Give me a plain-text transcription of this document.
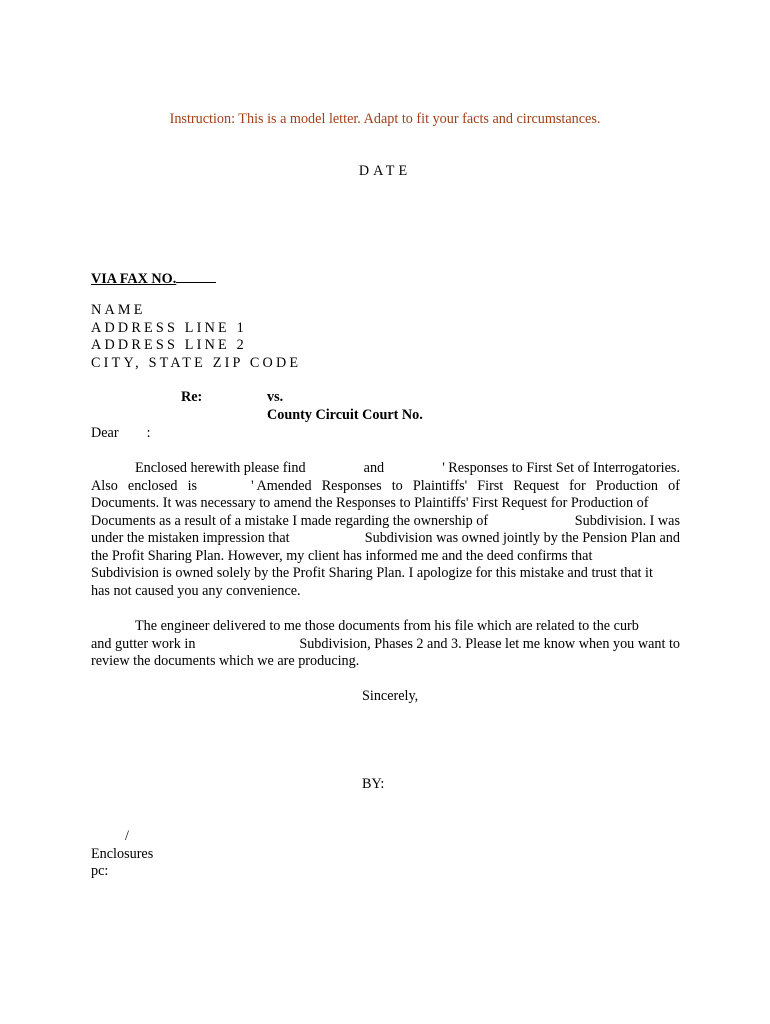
Instruction: This is a model letter. Adapt to fit your facts and circumstances.
DATE
VIA FAX NO.
NAME
ADDRESS LINE 1
ADDRESS LINE 2
CITY, STATE ZIP CODE
Re:	vs.
County Circuit Court No.
Dear :
Enclosed herewith please find	and	' Responses to First Set of Interrogatories.
Also enclosed is	' Amended Responses to Plaintiffs' First Request for Production of
Documents. It was necessary to amend the Responses to Plaintiffs' First Request for Production of
Documents as a result of a mistake I made regarding the ownership of	Subdivision. I was
under the mistaken impression that	Subdivision was owned jointly by the Pension Plan and
the Profit Sharing Plan. However, my client has informed me and the deed confirms that
Subdivision is owned solely by the Profit Sharing Plan. I apologize for this mistake and trust that it
has not caused you any convenience.
The engineer delivered to me those documents from his file which are related to the curb
and gutter work in	Subdivision, Phases 2 and 3. Please let me know when you want to
review the documents which we are producing.
Sincerely,
BY:
/
Enclosures
pc:
